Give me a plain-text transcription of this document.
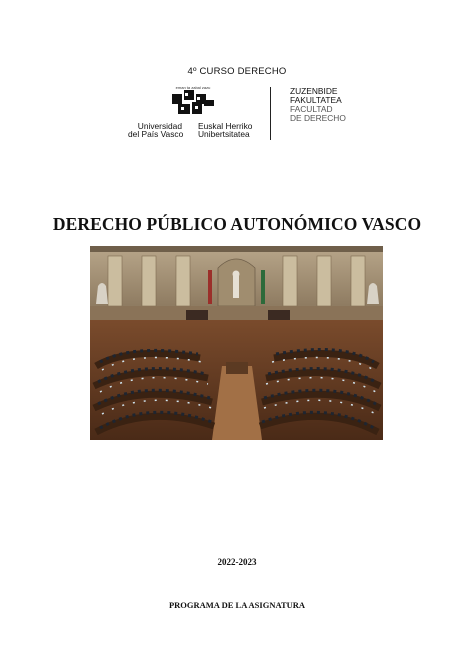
4º CURSO DERECHO
eman ta zabal zazu
Universidad
del País Vasco
Euskal Herriko
Unibertsitatea
ZUZENBIDE
FAKULTATEA
FACULTAD
DE DERECHO
DERECHO PÚBLICO AUTONÓMICO VASCO
2022-2023
PROGRAMA DE LA ASIGNATURA
